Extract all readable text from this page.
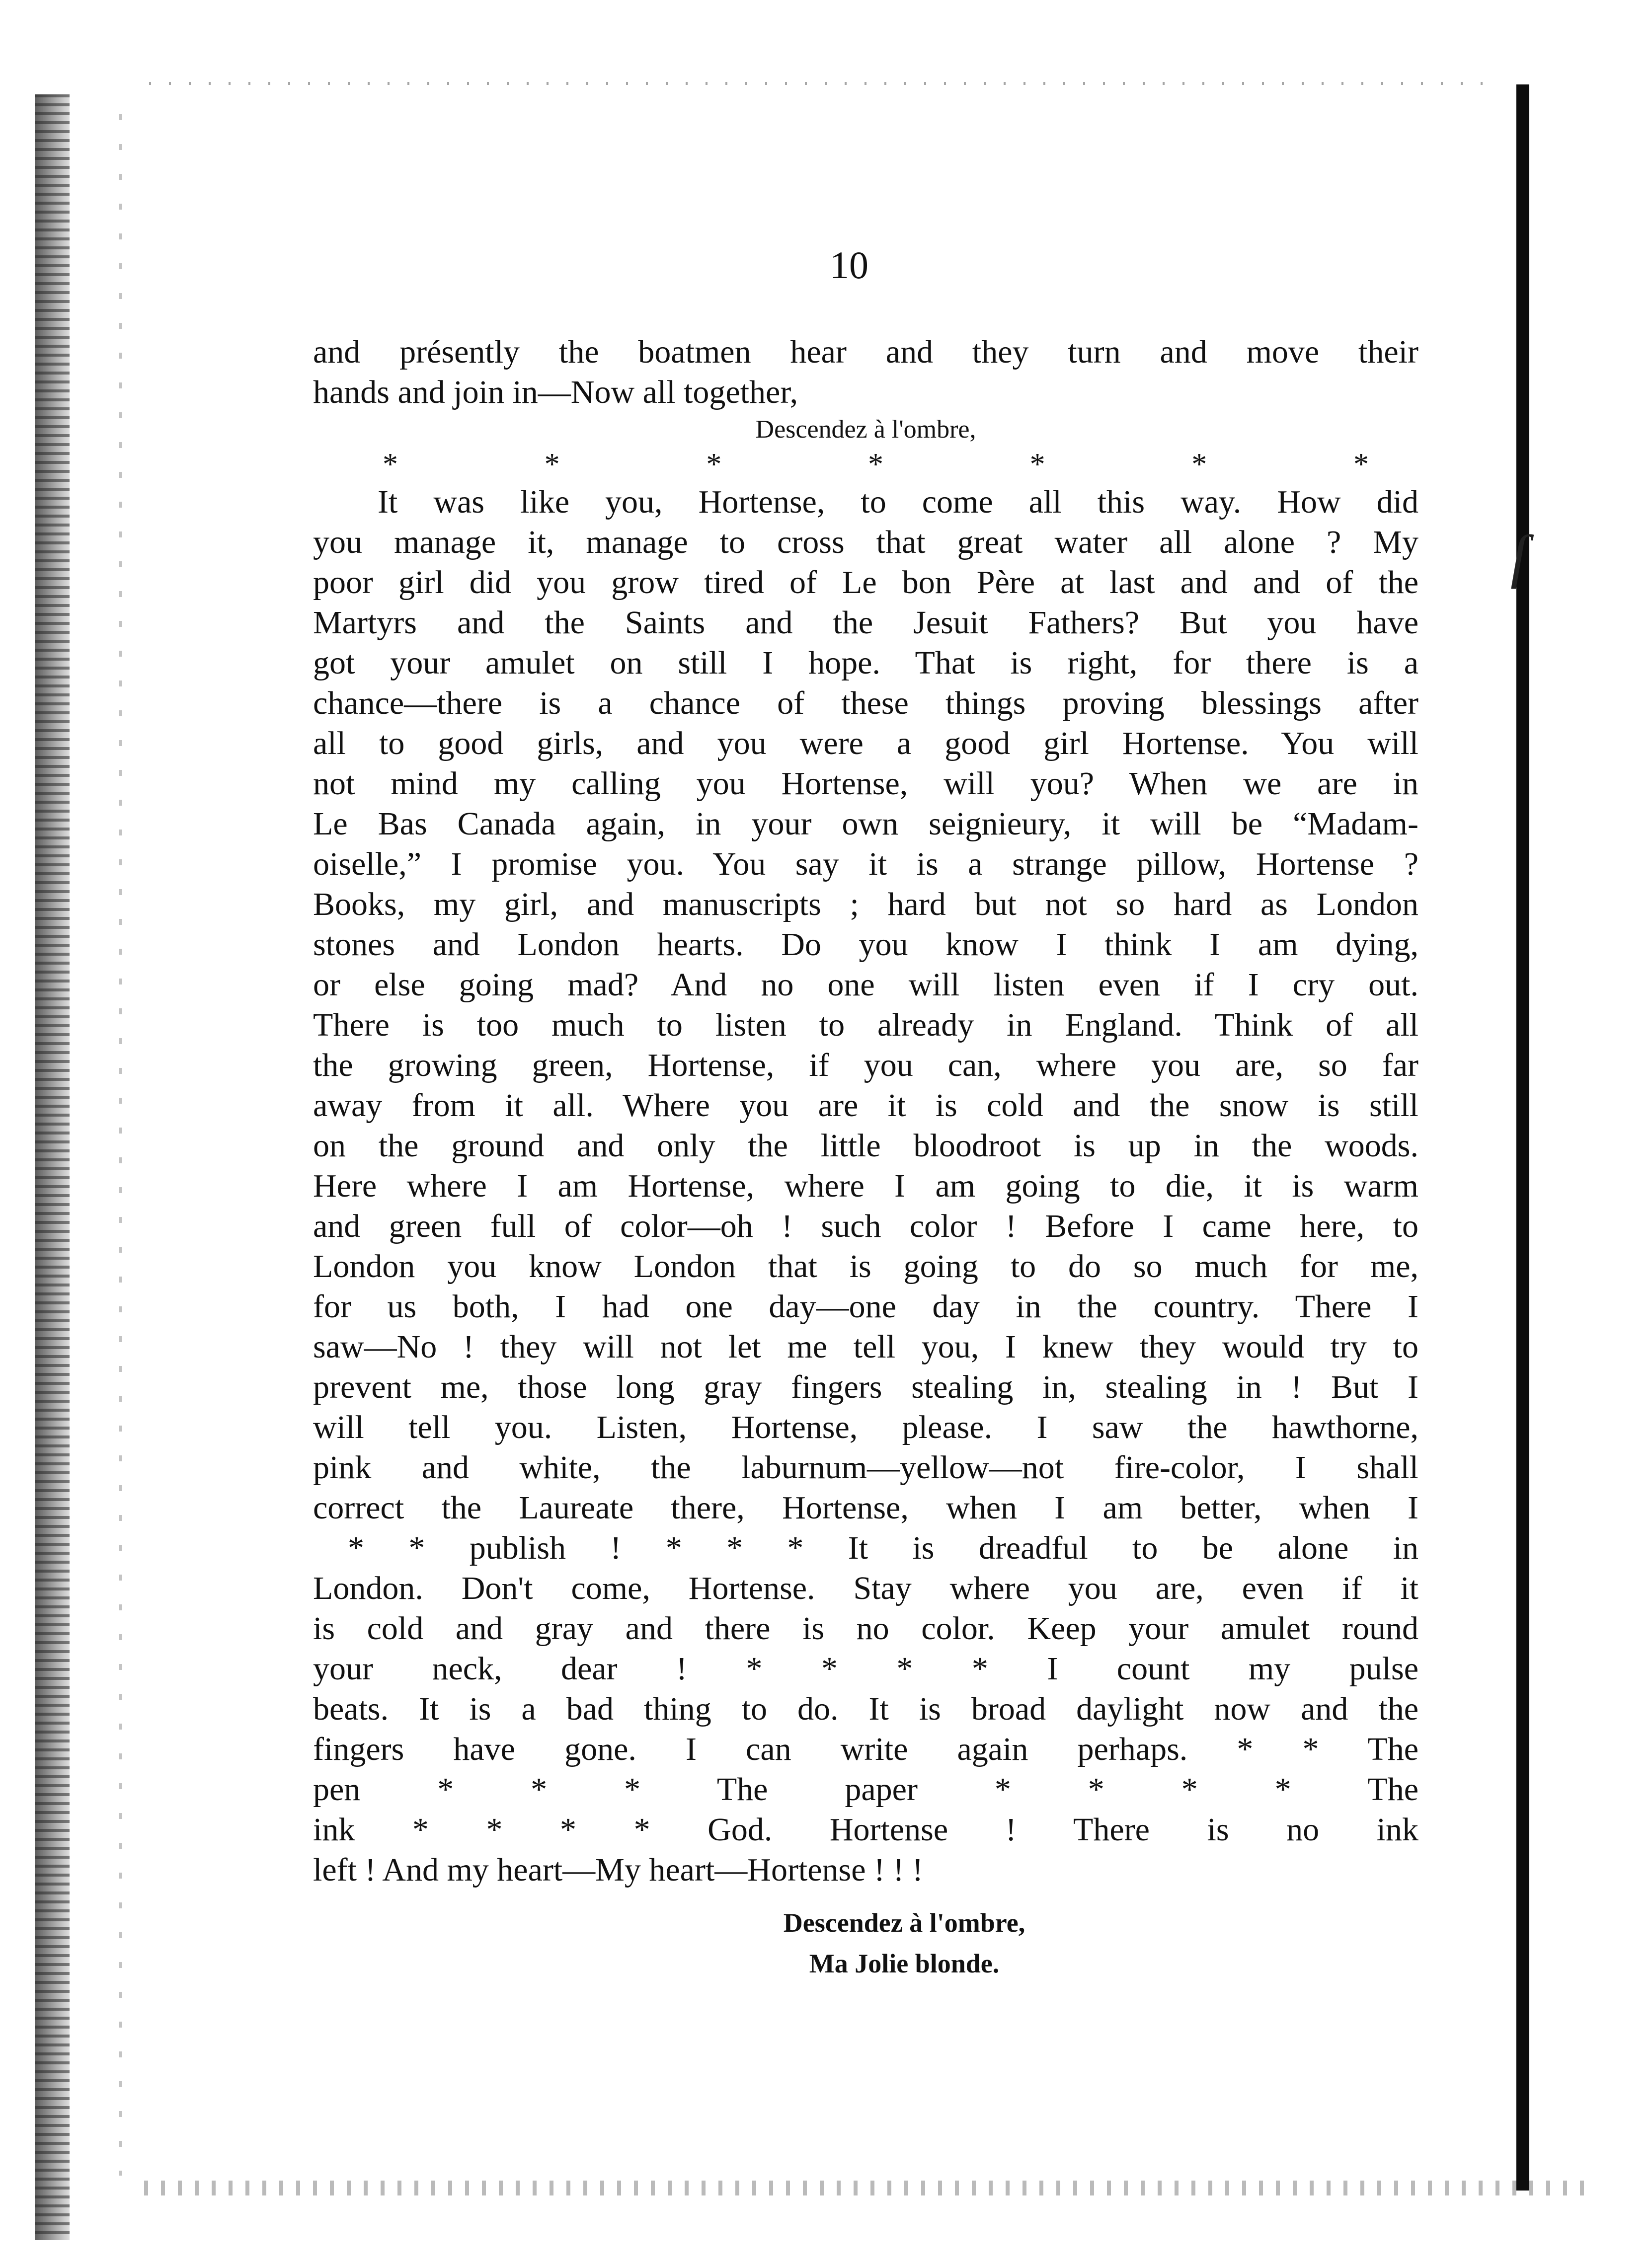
ſ
10
and présently the boatmen hear and they turn and move their
hands and join in—Now all together,
Descendez à l'ombre,
*	*	*	*	*	*	*
It was like you, Hortense, to come all this way. How did
you manage it, manage to cross that great water all alone ? My
poor girl did you grow tired of Le bon Père at last and and of the
Martyrs and the Saints and the Jesuit Fathers? But you have
got your amulet on still I hope. That is right, for there is a
chance—there is a chance of these things proving blessings after
all to good girls, and you were a good girl Hortense. You will
not mind my calling you Hortense, will you? When we are in
Le Bas Canada again, in your own seignieury, it will be “Madam-
oiselle,” I promise you. You say it is a strange pillow, Hortense ?
Books, my girl, and manuscripts ; hard but not so hard as London
stones and London hearts. Do you know I think I am dying,
or else going mad? And no one will listen even if I cry out.
There is too much to listen to already in England. Think of all
the growing green, Hortense, if you can, where you are, so far
away from it all. Where you are it is cold and the snow is still
on the ground and only the little bloodroot is up in the woods.
Here where I am Hortense, where I am going to die, it is warm
and green full of color—oh ! such color ! Before I came here, to
London you know London that is going to do so much for me,
for us both, I had one day—one day in the country. There I
saw—No ! they will not let me tell you, I knew they would try to
prevent me, those long gray fingers stealing in, stealing in ! But I
will tell you. Listen, Hortense, please. I saw the hawthorne,
pink and white, the laburnum—yellow—not fire-color, I shall
correct the Laureate there, Hortense, when I am better, when I
* * publish ! * * * It is dreadful to be alone in
London. Don't come, Hortense. Stay where you are, even if it
is cold and gray and there is no color. Keep your amulet round
your neck, dear ! * * * * I count my pulse
beats. It is a bad thing to do. It is broad daylight now and the
fingers have gone. I can write again perhaps. * * The
pen * * * The paper * * * * The
ink * * * * God. Hortense ! There is no ink
left ! And my heart—My heart—Hortense ! ! !
Descendez à l'ombre,
Ma Jolie blonde.
